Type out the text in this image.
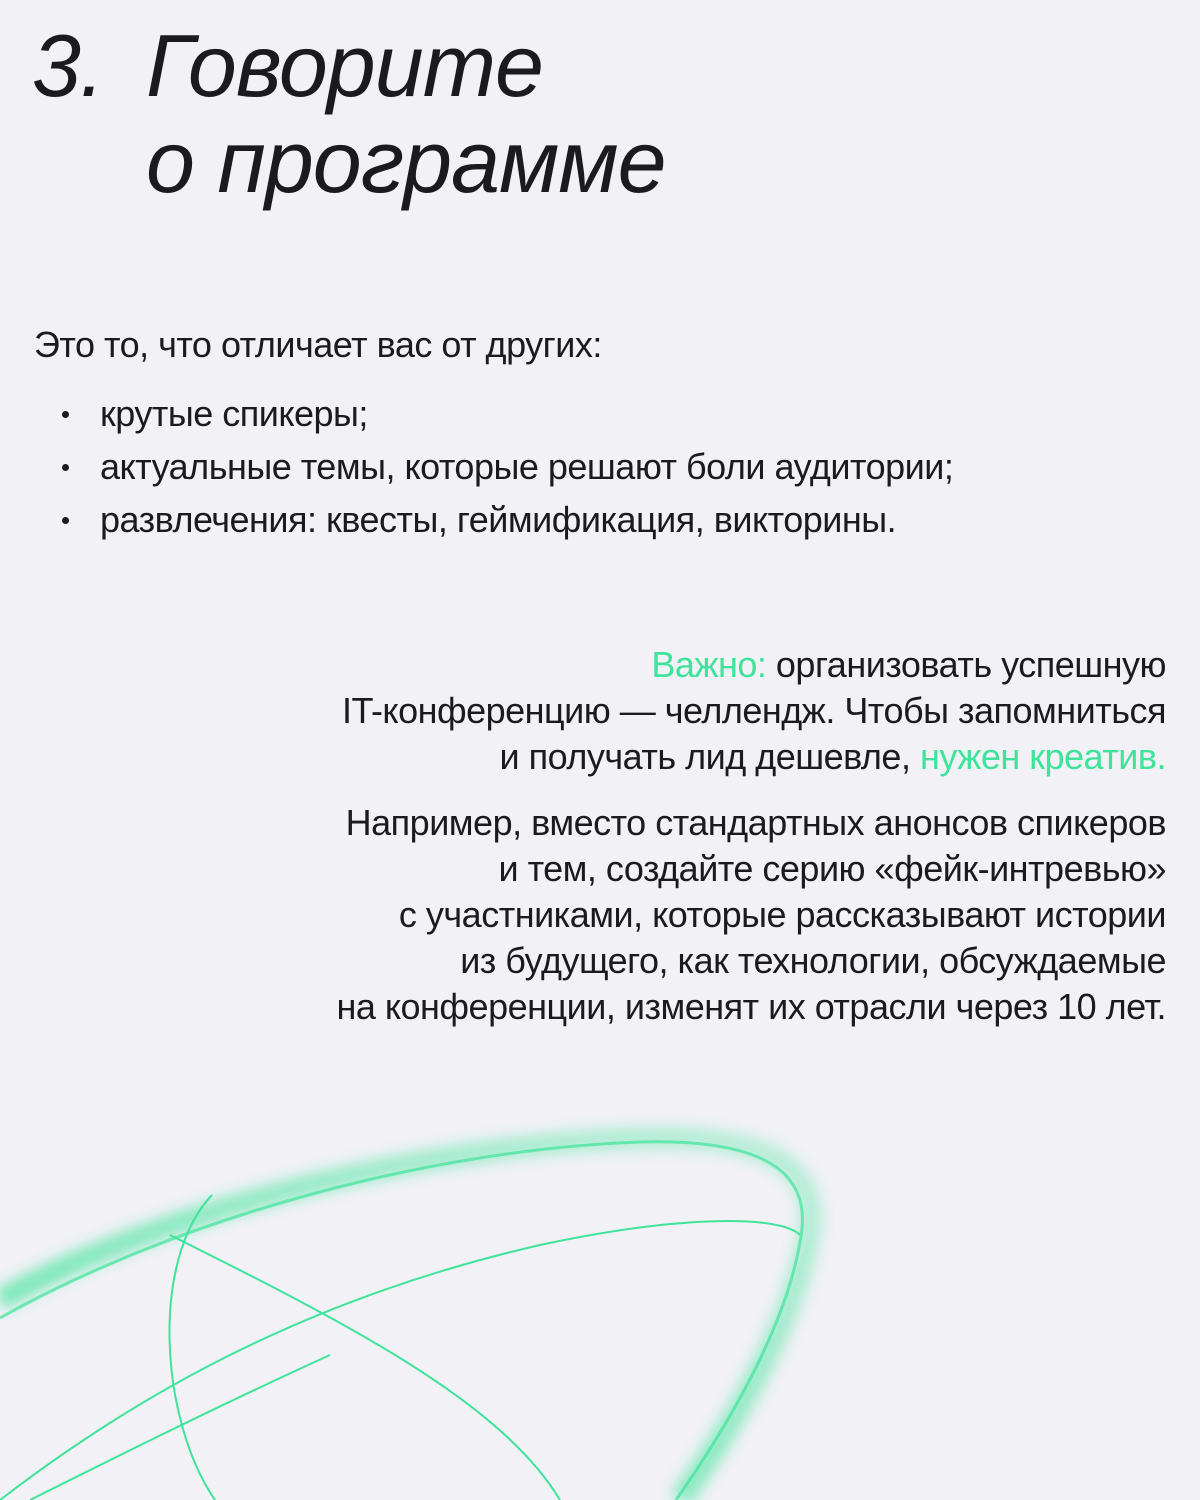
3. Говорите
о программе
Это то, что отличает вас от других:
крутые спикеры;
актуальные темы, которые решают боли аудитории;
развлечения: квесты, геймификация, викторины.
Важно: организовать успешную
IT-конференцию — челлендж. Чтобы запомниться
и получать лид дешевле, нужен креатив.
Например, вместо стандартных анонсов спикеров
и тем, создайте серию «фейк-интревью»
с участниками, которые рассказывают истории
из будущего, как технологии, обсуждаемые
на конференции, изменят их отрасли через 10 лет.
